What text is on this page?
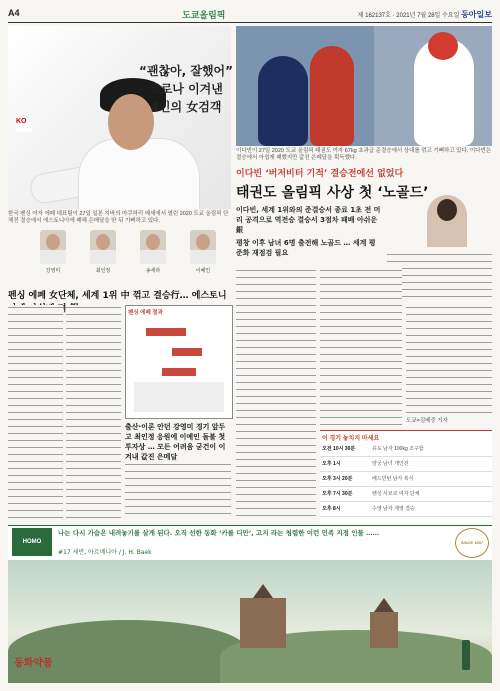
A4	도쿄올림픽	제 162137호 · 2021년 7월 28일 수요일 동아일보
KO
“괜찮아, 잘했어”
코로나 이겨낸
4인의 女검객
강영미	최인정	송세라	이혜인
한국 펜싱 여자 에페 대표팀이 27일 일본 지바의 마쿠하리 메세에서 열린 2020 도쿄 올림픽 단체전 결승에서 에스토니아에 패해 은메달을 딴 뒤 기뻐하고 있다.
펜싱 에페 女단체, 세계 1위 中 꺾고 결승行… 에스토니
펜싱 에페 결과
출산·이론 안던 강영미 경기 앞두고 최인정 응원에 이예인 돌불 첫 투자상 … 모든 어려움 굳건이 이겨내 값진 은메달
이다빈이 27일 2020 도쿄 올림픽 태권도 여자 67kg 초과급 준결승에서 상대를 꺾고 기뻐하고 있다. 이다빈은 결승에서 아쉽게 패했지만 값진 은메달을 획득했다.
이다빈 ‘버저비터 기적’ 결승전에선 없었다
태권도 올림픽 사상 첫 ‘노골드’
이다빈, 세계 1위와의 준결승서 종료 1초 전 머리 공격으로 역전승 결승서 3점차 패배 아쉬운 銀
평창 이후 남녀 6명 출전해 노골드 … 세계 평준화 재점검 필요
도쿄=김배중 기자
이 경기 놓치지 마세요
오전 10시 30분	유도 남자 100kg 조구함
오후 1시	양궁 남녀 개인전
오후 3시 20분	배드민턴 남자 복식
오후 7시 30분	펜싱 사브르 여자 단체
오후 8시	수영 남자 계영 결승
HOMO
나는 다시 가슴은 내려놓기를 살게 된다. 오직 선한 동화 ‘카를 디안’, 고지 라는 청렴한 이런 민족 지정 인물 ……
#17 세반, 아르메니아 / J. H. Baek
SINCE 1897
동화약품
